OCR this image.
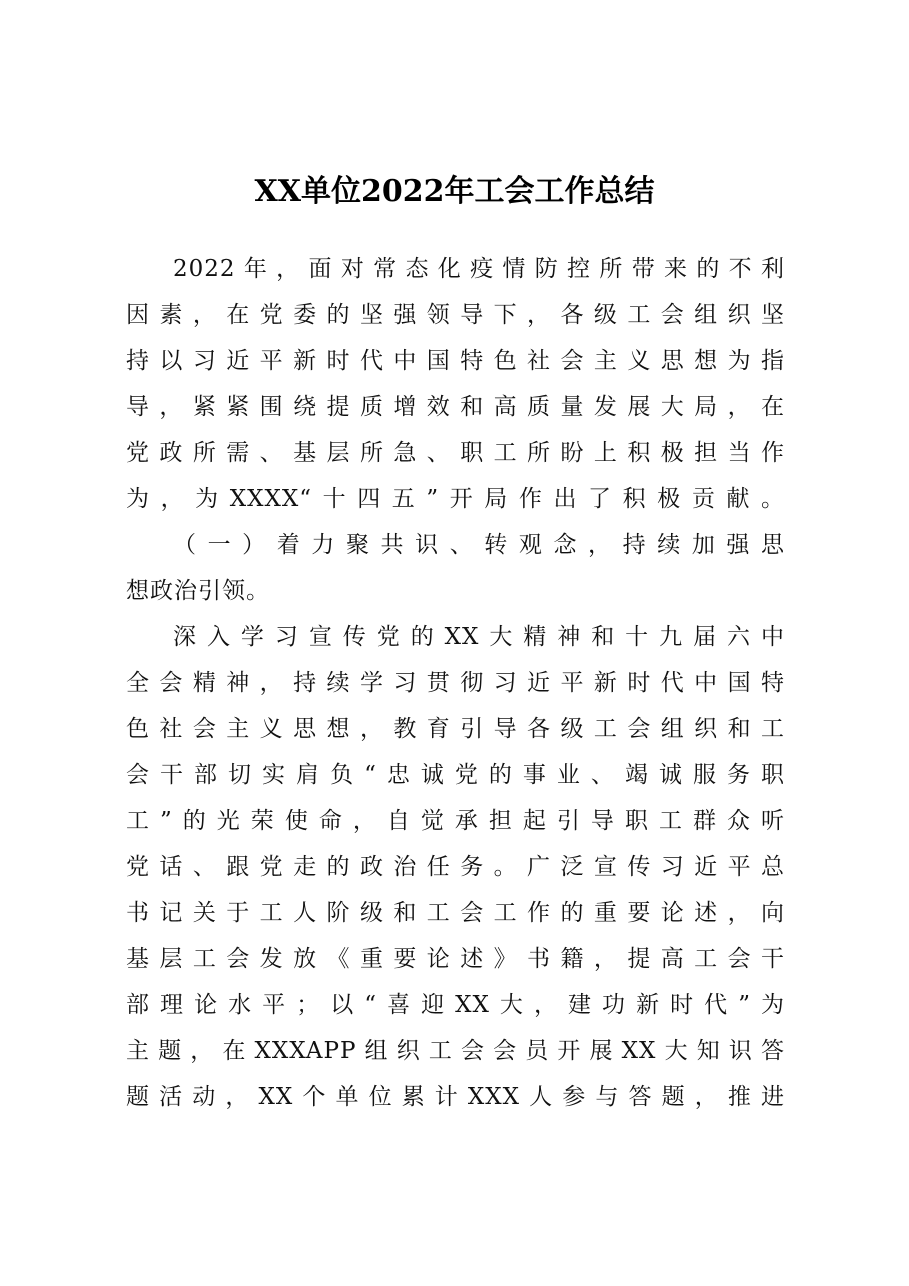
XX单位2022年工会工作总结
2022年，面对常态化疫情防控所带来的不利
因素，在党委的坚强领导下，各级工会组织坚
持以习近平新时代中国特色社会主义思想为指
导，紧紧围绕提质增效和高质量发展大局，在
党政所需、基层所急、职工所盼上积极担当作
为，为XXXX“十四五”开局作出了积极贡献。
（一）着力聚共识、转观念，持续加强思
想政治引领。
深入学习宣传党的XX大精神和十九届六中
全会精神，持续学习贯彻习近平新时代中国特
色社会主义思想，教育引导各级工会组织和工
会干部切实肩负“忠诚党的事业、竭诚服务职
工”的光荣使命，自觉承担起引导职工群众听
党话、跟党走的政治任务。广泛宣传习近平总
书记关于工人阶级和工会工作的重要论述，向
基层工会发放《重要论述》书籍，提高工会干
部理论水平；以“喜迎XX大，建功新时代”为
主题，在XXXAPP组织工会会员开展XX大知识答
题活动，XX个单位累计XXX人参与答题，推进
